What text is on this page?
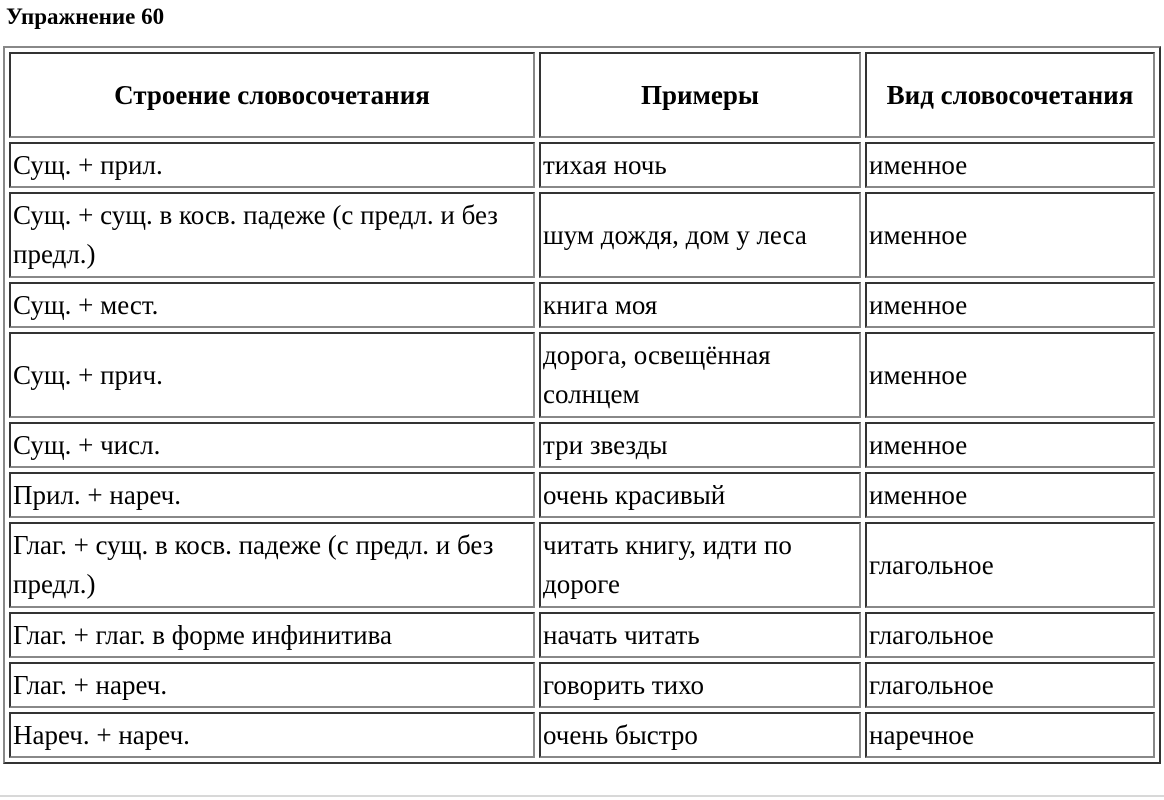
Упражнение 60
Строение словосочетания	Примеры	Вид словосочетания
Сущ. + прил.	тихая ночь	именное
Сущ. + сущ. в косв. падеже (с предл. и без предл.)	шум дождя, дом у леса	именное
Сущ. + мест.	книга моя	именное
Сущ. + прич.	дорога, освещённая солнцем	именное
Сущ. + числ.	три звезды	именное
Прил. + нареч.	очень красивый	именное
Глаг. + сущ. в косв. падеже (с предл. и без предл.)	читать книгу, идти по дороге	глагольное
Глаг. + глаг. в форме инфинитива	начать читать	глагольное
Глаг. + нареч.	говорить тихо	глагольное
Нареч. + нареч.	очень быстро	наречное
